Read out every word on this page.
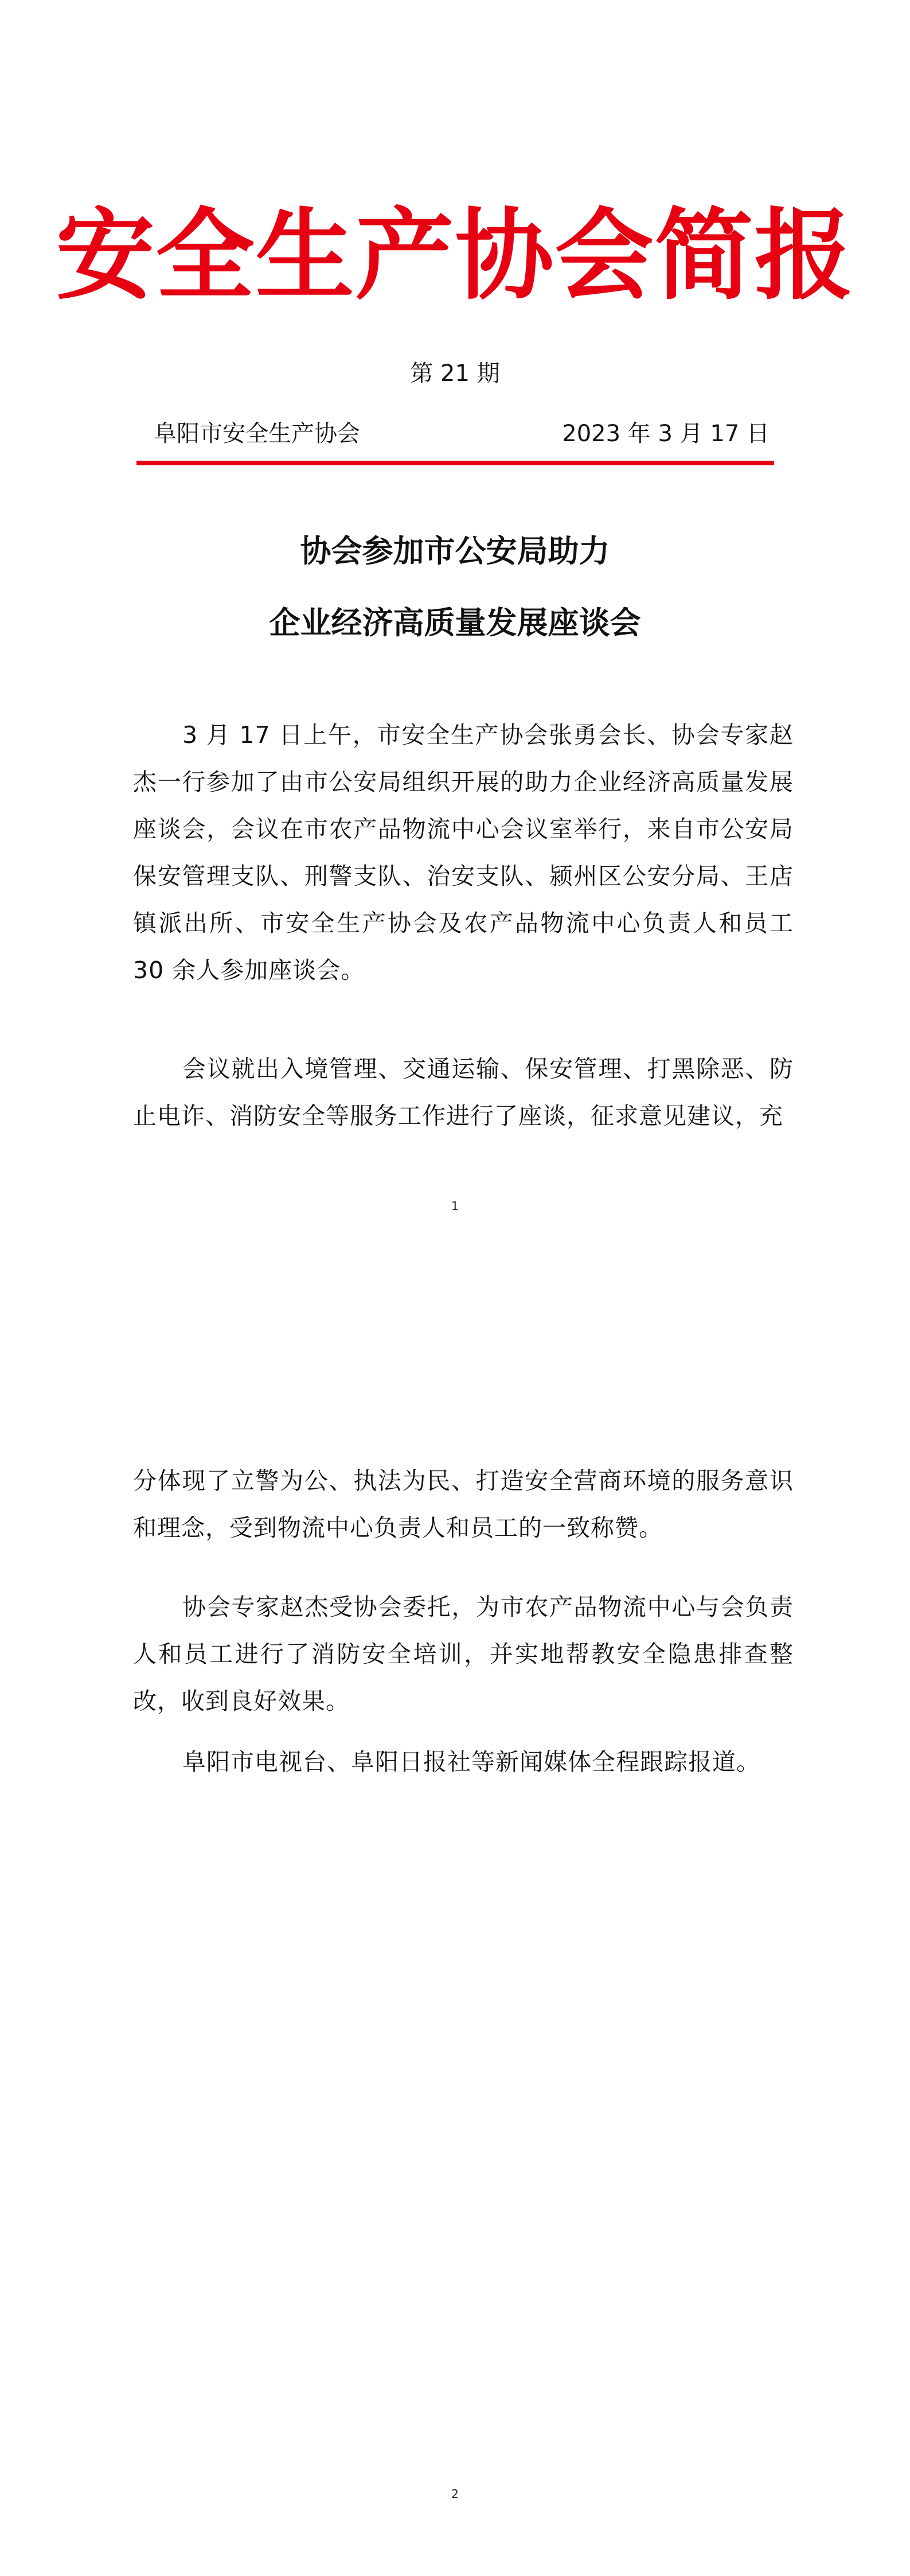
安全生产协会简报
第 21 期
阜阳市安全生产协会	2023 年 3 月 17 日
协会参加市公安局助力
企业经济高质量发展座谈会

3 月 17 日上午，市安全生产协会张勇会长、协会专家赵杰一行参加了由市公安局组织开展的助力企业经济高质量发展座谈会，会议在市农产品物流中心会议室举行，来自市公安局保安管理支队、刑警支队、治安支队、颍州区公安分局、王店镇派出所、市安全生产协会及农产品物流中心负责人和员工 30 余人参加座谈会。

会议就出入境管理、交通运输、保安管理、打黑除恶、防止电诈、消防安全等服务工作进行了座谈，征求意见建议，充

1

分体现了立警为公、执法为民、打造安全营商环境的服务意识和理念，受到物流中心负责人和员工的一致称赞。

协会专家赵杰受协会委托，为市农产品物流中心与会负责人和员工进行了消防安全培训，并实地帮教安全隐患排查整改，收到良好效果。

阜阳市电视台、阜阳日报社等新闻媒体全程跟踪报道。

2
